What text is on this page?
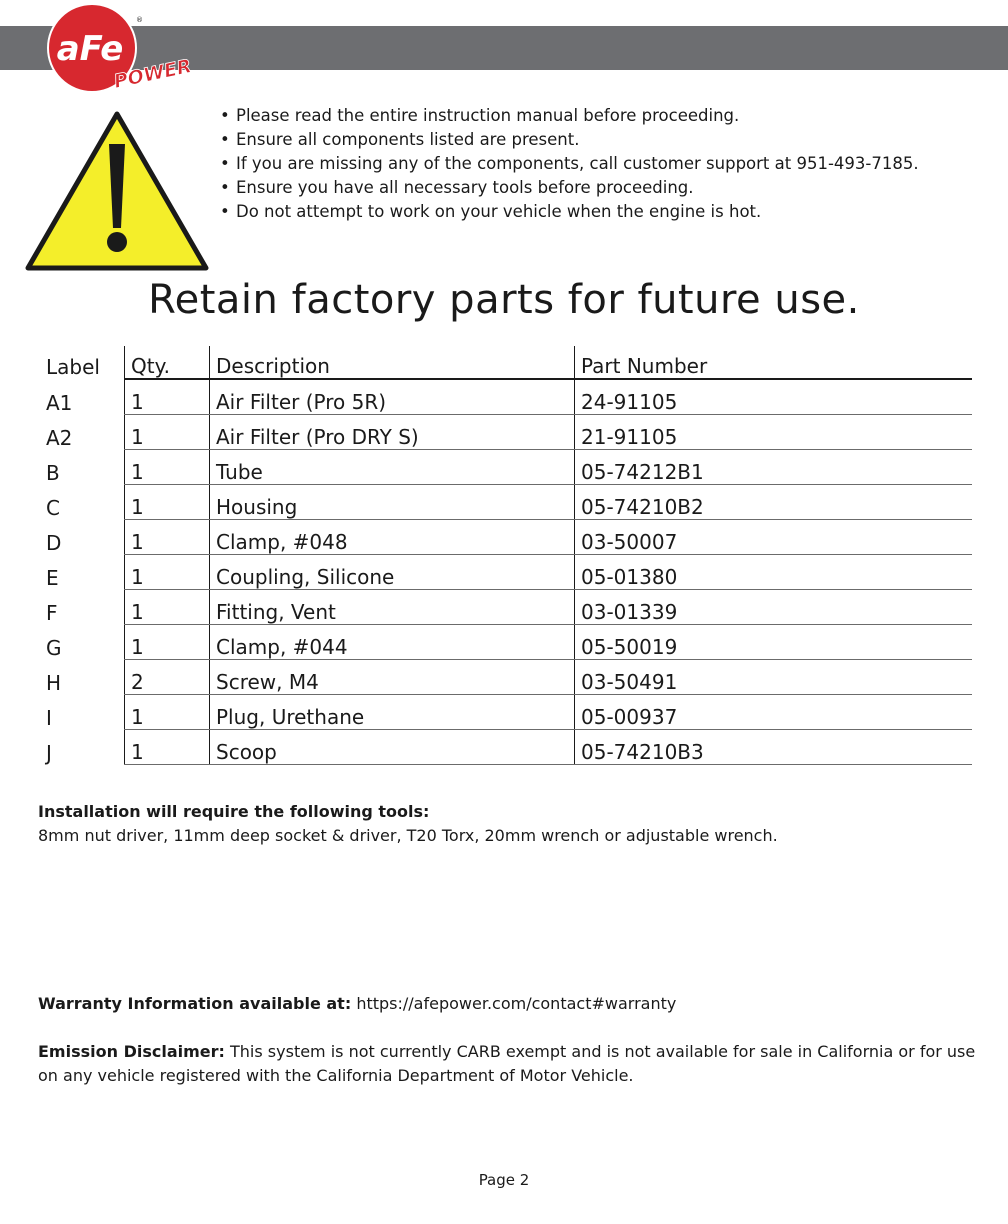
aFe
POWER
®
• Please read the entire instruction manual before proceeding.
• Ensure all components listed are present.
• If you are missing any of the components, call customer support at 951-493-7185.
• Ensure you have all necessary tools before proceeding.
• Do not attempt to work on your vehicle when the engine is hot.
Retain factory parts for future use.
Label	Qty.	Description	Part Number
A1	1	Air Filter (Pro 5R)	24-91105
A2	1	Air Filter (Pro DRY S)	21-91105
B	1	Tube	05-74212B1
C	1	Housing	05-74210B2
D	1	Clamp, #048	03-50007
E	1	Coupling, Silicone	05-01380
F	1	Fitting, Vent	03-01339
G	1	Clamp, #044	05-50019
H	2	Screw, M4	03-50491
I	1	Plug, Urethane	05-00937
J	1	Scoop	05-74210B3
Installation will require the following tools:
8mm nut driver, 11mm deep socket & driver, T20 Torx, 20mm wrench or adjustable wrench.
Warranty Information available at: https://afepower.com/contact#warranty
Emission Disclaimer: This system is not currently CARB exempt and is not available for sale in California or for use on any vehicle registered with the California Department of Motor Vehicle.
Page 2
